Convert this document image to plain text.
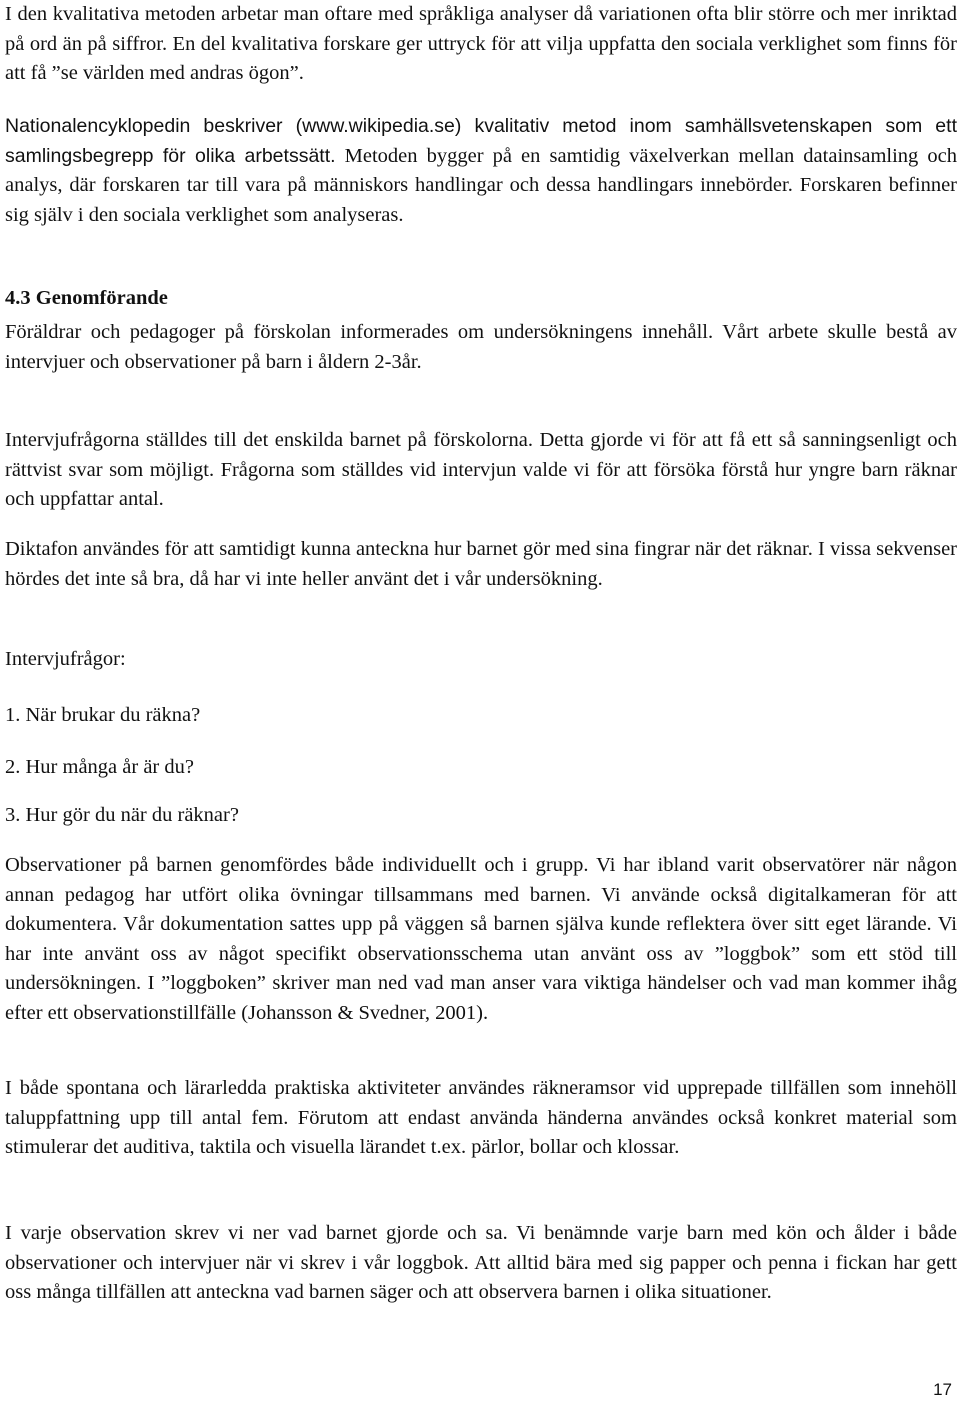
I den kvalitativa metoden arbetar man oftare med språkliga analyser då variationen ofta blir större och mer inriktad på ord än på siffror. En del kvalitativa forskare ger uttryck för att vilja uppfatta den sociala verklighet som finns för att få ”se världen med andras ögon”.

Nationalencyklopedin beskriver (www.wikipedia.se) kvalitativ metod inom samhällsvetenskapen som ett samlingsbegrepp för olika arbetssätt. Metoden bygger på en samtidig växelverkan mellan datainsamling och analys, där forskaren tar till vara på människors handlingar och dessa handlingars innebörder. Forskaren befinner sig själv i den sociala verklighet som analyseras.

4.3 Genomförande

Föräldrar och pedagoger på förskolan informerades om undersökningens innehåll. Vårt arbete skulle bestå av intervjuer och observationer på barn i åldern 2-3år.

Intervjufrågorna ställdes till det enskilda barnet på förskolorna. Detta gjorde vi för att få ett så sanningsenligt och rättvist svar som möjligt. Frågorna som ställdes vid intervjun valde vi för att försöka förstå hur yngre barn räknar och uppfattar antal.

Diktafon användes för att samtidigt kunna anteckna hur barnet gör med sina fingrar när det räknar. I vissa sekvenser hördes det inte så bra, då har vi inte heller använt det i vår undersökning.

Intervjufrågor:

1. När brukar du räkna?

2. Hur många år är du?

3. Hur gör du när du räknar?

Observationer på barnen genomfördes både individuellt och i grupp. Vi har ibland varit observatörer när någon annan pedagog har utfört olika övningar tillsammans med barnen. Vi använde också digitalkameran för att dokumentera. Vår dokumentation sattes upp på väggen så barnen själva kunde reflektera över sitt eget lärande. Vi har inte använt oss av något specifikt observationsschema utan använt oss av ”loggbok” som ett stöd till undersökningen. I ”loggboken” skriver man ned vad man anser vara viktiga händelser och vad man kommer ihåg efter ett observationstillfälle (Johansson & Svedner, 2001).

I både spontana och lärarledda praktiska aktiviteter användes räkneramsor vid upprepade tillfällen som innehöll taluppfattning upp till antal fem. Förutom att endast använda händerna användes också konkret material som stimulerar det auditiva, taktila och visuella lärandet t.ex. pärlor, bollar och klossar.

I varje observation skrev vi ner vad barnet gjorde och sa. Vi benämnde varje barn med kön och ålder i både observationer och intervjuer när vi skrev i vår loggbok. Att alltid bära med sig papper och penna i fickan har gett oss många tillfällen att anteckna vad barnen säger och att observera barnen i olika situationer.

17
